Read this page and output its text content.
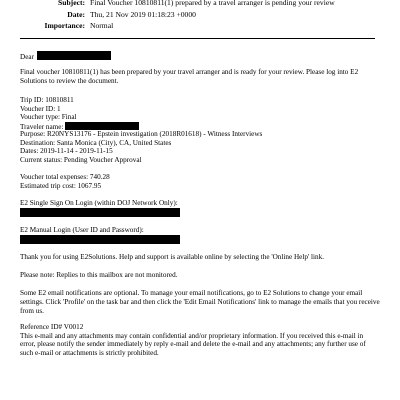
Subject: Final Voucher 10810811(1) prepared by a travel arranger is pending your review
Date: Thu, 21 Nov 2019 01:18:23 +0000
Importance: Normal
Dear
Final voucher 10810811(1) has been prepared by your travel arranger and is ready for your review. Please log into E2 Solutions to review the document.
Trip ID: 10810811
Voucher ID: 1
Voucher type: Final
Traveler name:
Purpose: R20NYS13176 - Epstein investigation (2018R01618) - Witness Interviews
Destination: Santa Monica (City), CA, United States
Dates: 2019-11-14 - 2019-11-15
Current status: Pending Voucher Approval
Voucher total expenses: 740.28
Estimated trip cost: 1067.95
E2 Single Sign On Login (within DOJ Network Only):
E2 Manual Login (User ID and Password):
Thank you for using E2Solutions. Help and support is available online by selecting the 'Online Help' link.
Please note: Replies to this mailbox are not monitored.
Some E2 email notifications are optional. To manage your email notifications, go to E2 Solutions to change your email settings. Click 'Profile' on the task bar and then click the 'Edit Email Notifications' link to manage the emails that you receive from us.
Reference ID# V0012
This e-mail and any attachments may contain confidential and/or proprietary information. If you received this e-mail in error, please notify the sender immediately by reply e-mail and delete the e-mail and any attachments; any further use of such e-mail or attachments is strictly prohibited.
